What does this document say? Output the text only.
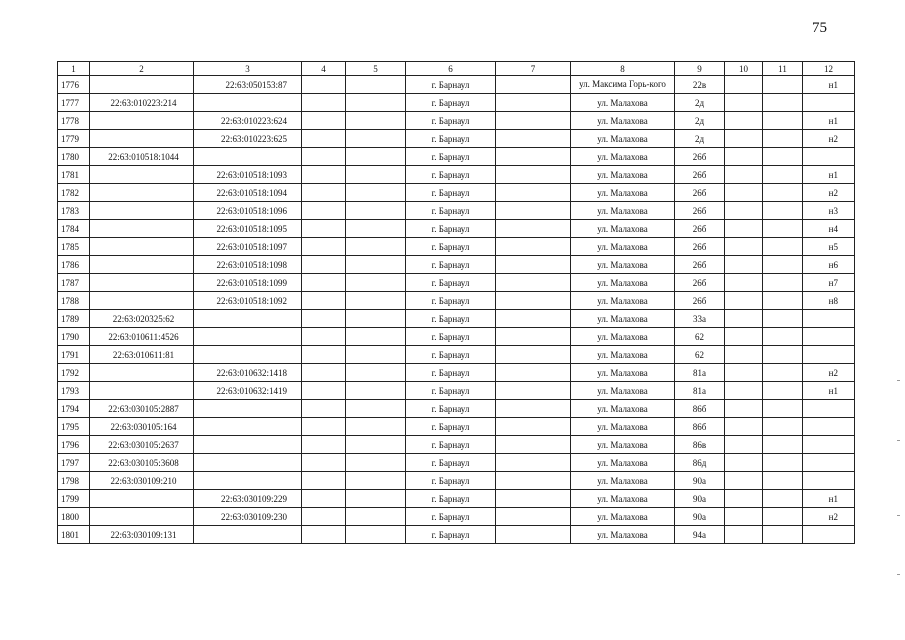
75
1	2	3	4	5	6	7	8	9	10	11	12
1776		22:63:050153:87			г. Барнаул		ул. Максима Горь-кого	22в			н1
1777	22:63:010223:214				г. Барнаул		ул. Малахова	2д			
1778		22:63:010223:624			г. Барнаул		ул. Малахова	2д			н1
1779		22:63:010223:625			г. Барнаул		ул. Малахова	2д			н2
1780	22:63:010518:1044				г. Барнаул		ул. Малахова	26б			
1781		22:63:010518:1093			г. Барнаул		ул. Малахова	26б			н1
1782		22:63:010518:1094			г. Барнаул		ул. Малахова	26б			н2
1783		22:63:010518:1096			г. Барнаул		ул. Малахова	26б			н3
1784		22:63:010518:1095			г. Барнаул		ул. Малахова	26б			н4
1785		22:63:010518:1097			г. Барнаул		ул. Малахова	26б			н5
1786		22:63:010518:1098			г. Барнаул		ул. Малахова	26б			н6
1787		22:63:010518:1099			г. Барнаул		ул. Малахова	26б			н7
1788		22:63:010518:1092			г. Барнаул		ул. Малахова	26б			н8
1789	22:63:020325:62				г. Барнаул		ул. Малахова	33а			
1790	22:63:010611:4526				г. Барнаул		ул. Малахова	62			
1791	22:63:010611:81				г. Барнаул		ул. Малахова	62			
1792		22:63:010632:1418			г. Барнаул		ул. Малахова	81а			н2
1793		22:63:010632:1419			г. Барнаул		ул. Малахова	81а			н1
1794	22:63:030105:2887				г. Барнаул		ул. Малахова	86б			
1795	22:63:030105:164				г. Барнаул		ул. Малахова	86б			
1796	22:63:030105:2637				г. Барнаул		ул. Малахова	86в			
1797	22:63:030105:3608				г. Барнаул		ул. Малахова	86д			
1798	22:63:030109:210				г. Барнаул		ул. Малахова	90а			
1799		22:63:030109:229			г. Барнаул		ул. Малахова	90а			н1
1800		22:63:030109:230			г. Барнаул		ул. Малахова	90а			н2
1801	22:63:030109:131				г. Барнаул		ул. Малахова	94а			
